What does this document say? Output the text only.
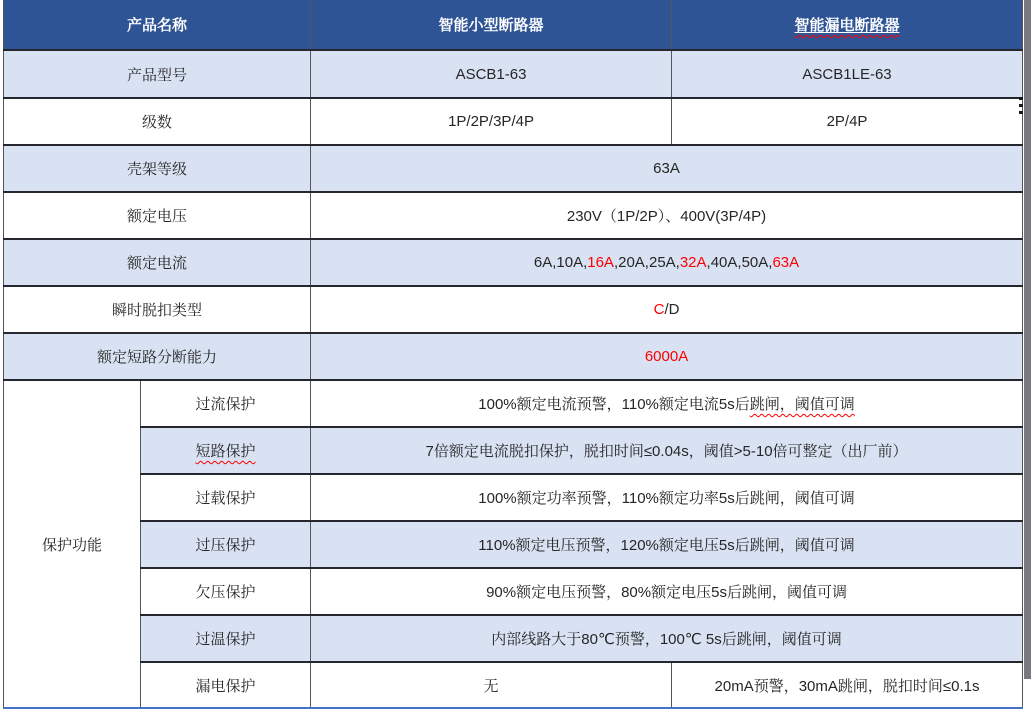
产品名称		智能小型断路器	智能漏电断路器
产品型号		ASCB1-63	ASCB1LE-63
级数		1P/2P/3P/4P	2P/4P
壳架等级		63A	
额定电压		230V（1P/2P）、400V(3P/4P)	
额定电流		6A,10A,16A,20A,25A,32A,40A,50A,63A	
瞬时脱扣类型		C/D	
额定短路分断能力		6000A	
保护功能	过流保护	100%额定电流预警，110%额定电流5s后跳闸，阈值可调	
	短路保护	7倍额定电流脱扣保护，脱扣时间≤0.04s，阈值>5-10倍可整定（出厂前）	
	过载保护	100%额定功率预警，110%额定功率5s后跳闸，阈值可调	
	过压保护	110%额定电压预警，120%额定电压5s后跳闸，阈值可调	
	欠压保护	90%额定电压预警，80%额定电压5s后跳闸，阈值可调	
	过温保护	内部线路大于80℃预警，100℃ 5s后跳闸，阈值可调	
	漏电保护	无	20mA预警，30mA跳闸，脱扣时间≤0.1s
